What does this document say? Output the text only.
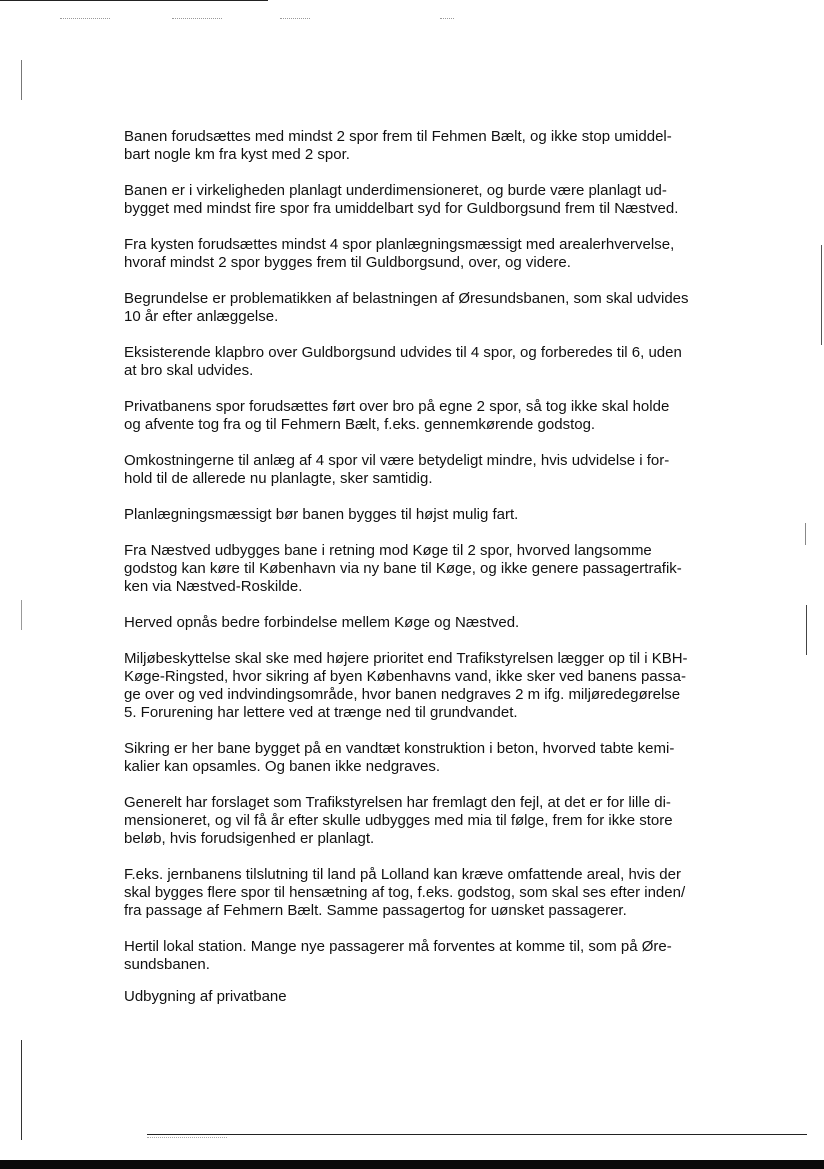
Banen forudsættes med mindst 2 spor frem til Fehmen Bælt, og ikke stop umiddel-
bart nogle km fra kyst med 2 spor.

Banen er i virkeligheden planlagt underdimensioneret, og burde være planlagt ud-
bygget med mindst fire spor fra umiddelbart syd for Guldborgsund frem til Næstved.

Fra kysten forudsættes mindst 4 spor planlægningsmæssigt med arealerhvervelse,
hvoraf mindst 2 spor bygges frem til Guldborgsund, over, og videre.

Begrundelse er problematikken af belastningen af Øresundsbanen, som skal udvides
10 år efter anlæggelse.

Eksisterende klapbro over Guldborgsund udvides til 4 spor, og forberedes til 6, uden
at bro skal udvides.

Privatbanens spor forudsættes ført over bro på egne 2 spor, så tog ikke skal holde
og afvente tog fra og til Fehmern Bælt, f.eks. gennemkørende godstog.

Omkostningerne til anlæg af 4 spor vil være betydeligt mindre, hvis udvidelse i for-
hold til de allerede nu planlagte, sker samtidig.

Planlægningsmæssigt bør banen bygges til højst mulig fart.

Fra Næstved udbygges bane i retning mod Køge til 2 spor, hvorved langsomme
godstog kan køre til København via ny bane til Køge, og ikke genere passagertrafik-
ken via Næstved-Roskilde.

Herved opnås bedre forbindelse mellem Køge og Næstved.

Miljøbeskyttelse skal ske med højere prioritet end Trafikstyrelsen lægger op til i KBH-
Køge-Ringsted, hvor sikring af byen Københavns vand, ikke sker ved banens passa-
ge over og ved indvindingsområde, hvor banen nedgraves 2 m ifg. miljøredegørelse
5. Forurening har lettere ved at trænge ned til grundvandet.

Sikring er her bane bygget på en vandtæt konstruktion i beton, hvorved tabte kemi-
kalier kan opsamles. Og banen ikke nedgraves.

Generelt har forslaget som Trafikstyrelsen har fremlagt den fejl, at det er for lille di-
mensioneret, og vil få år efter skulle udbygges med mia til følge, frem for ikke store
beløb, hvis forudsigenhed er planlagt.

F.eks. jernbanens tilslutning til land på Lolland kan kræve omfattende areal, hvis der
skal bygges flere spor til hensætning af tog, f.eks. godstog, som skal ses efter inden/
fra passage af Fehmern Bælt. Samme passagertog for uønsket passagerer.

Hertil lokal station. Mange nye passagerer må forventes at komme til, som på Øre-
sundsbanen.

Udbygning af privatbane
